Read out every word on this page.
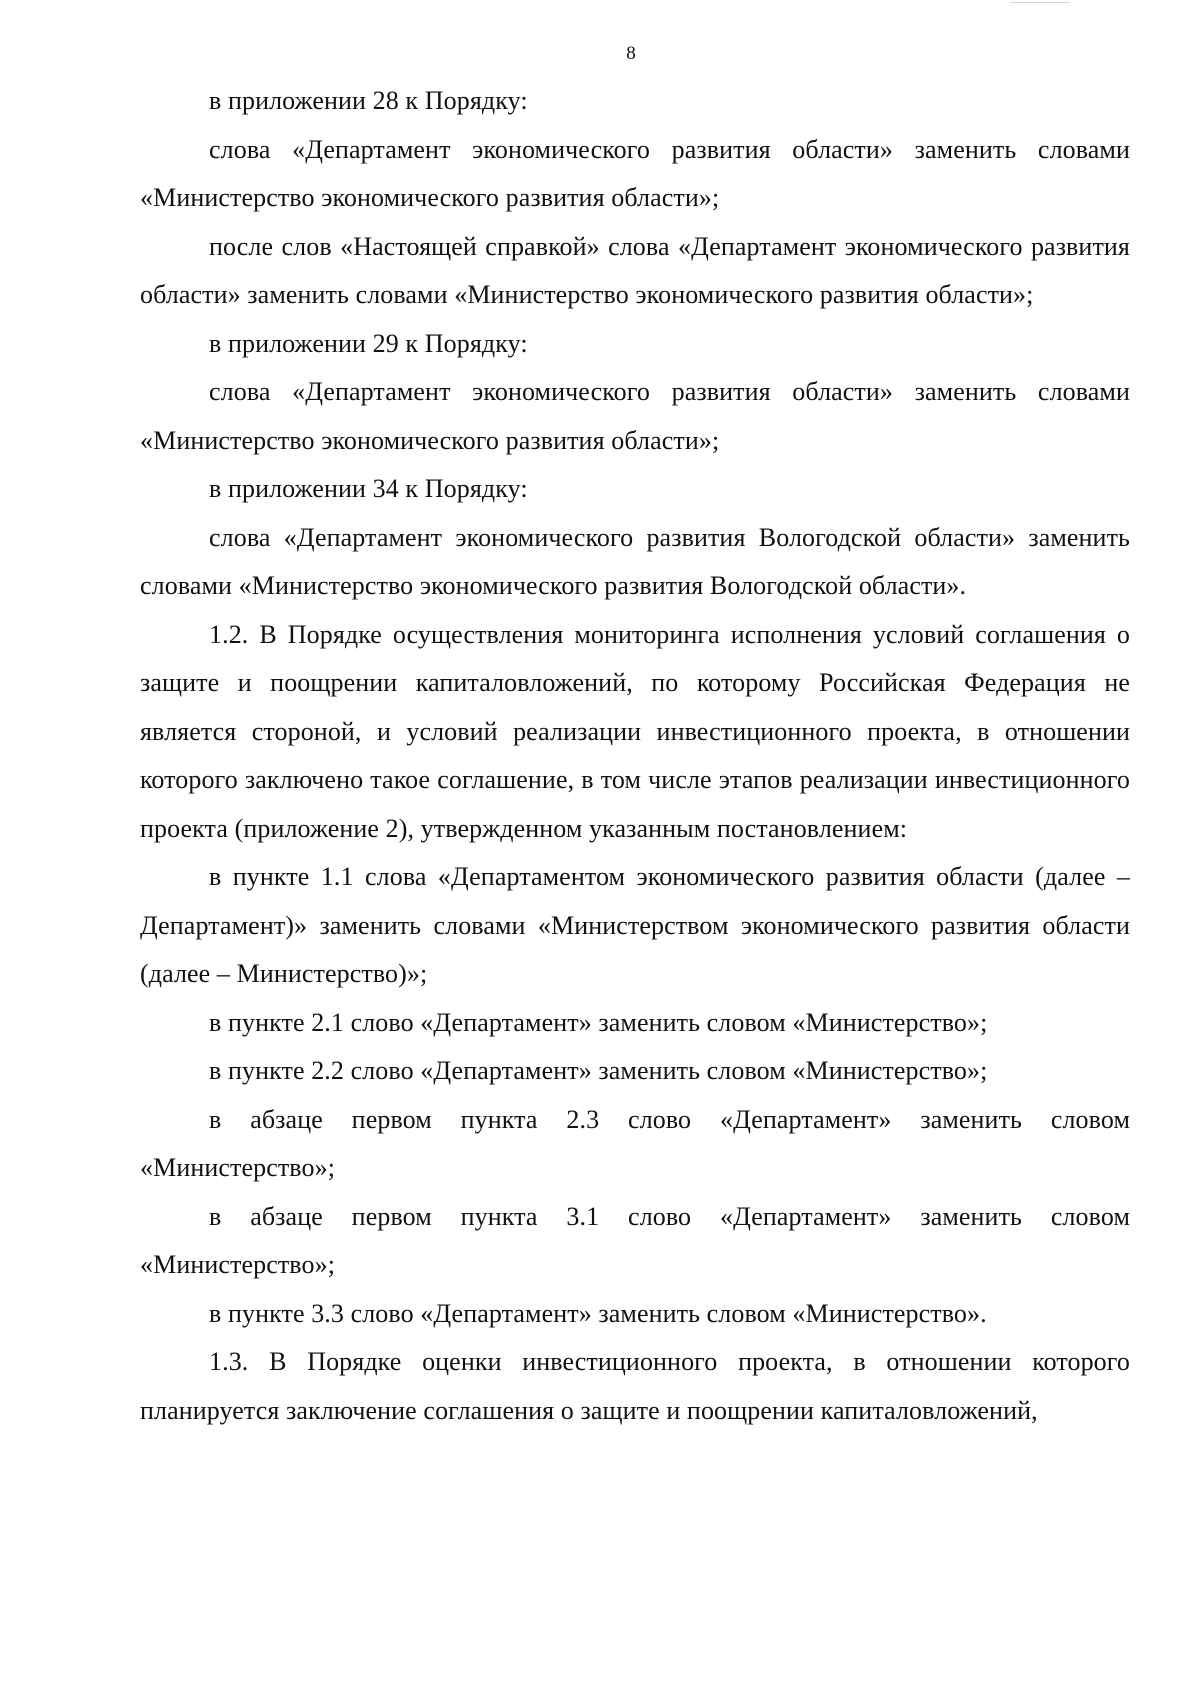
8

в приложении 28 к Порядку:

слова «Департамент экономического развития области» заменить словами «Министерство экономического развития области»;

после слов «Настоящей справкой» слова «Департамент экономического развития области» заменить словами «Министерство экономического развития области»;

в приложении 29 к Порядку:

слова «Департамент экономического развития области» заменить словами «Министерство экономического развития области»;

в приложении 34 к Порядку:

слова «Департамент экономического развития Вологодской области» заменить словами «Министерство экономического развития Вологодской области».

1.2. В Порядке осуществления мониторинга исполнения условий соглашения о защите и поощрении капиталовложений, по которому Российская Федерация не является стороной, и условий реализации инвестиционного проекта, в отношении которого заключено такое соглашение, в том числе этапов реализации инвестиционного проекта (приложение 2), утвержденном указанным постановлением:

в пункте 1.1 слова «Департаментом экономического развития области (далее – Департамент)» заменить словами «Министерством экономического развития области (далее – Министерство)»;

в пункте 2.1 слово «Департамент» заменить словом «Министерство»;

в пункте 2.2 слово «Департамент» заменить словом «Министерство»;

в абзаце первом пункта 2.3 слово «Департамент» заменить словом «Министерство»;

в абзаце первом пункта 3.1 слово «Департамент» заменить словом «Министерство»;

в пункте 3.3 слово «Департамент» заменить словом «Министерство».

1.3. В Порядке оценки инвестиционного проекта, в отношении которого планируется заключение соглашения о защите и поощрении капиталовложений,
